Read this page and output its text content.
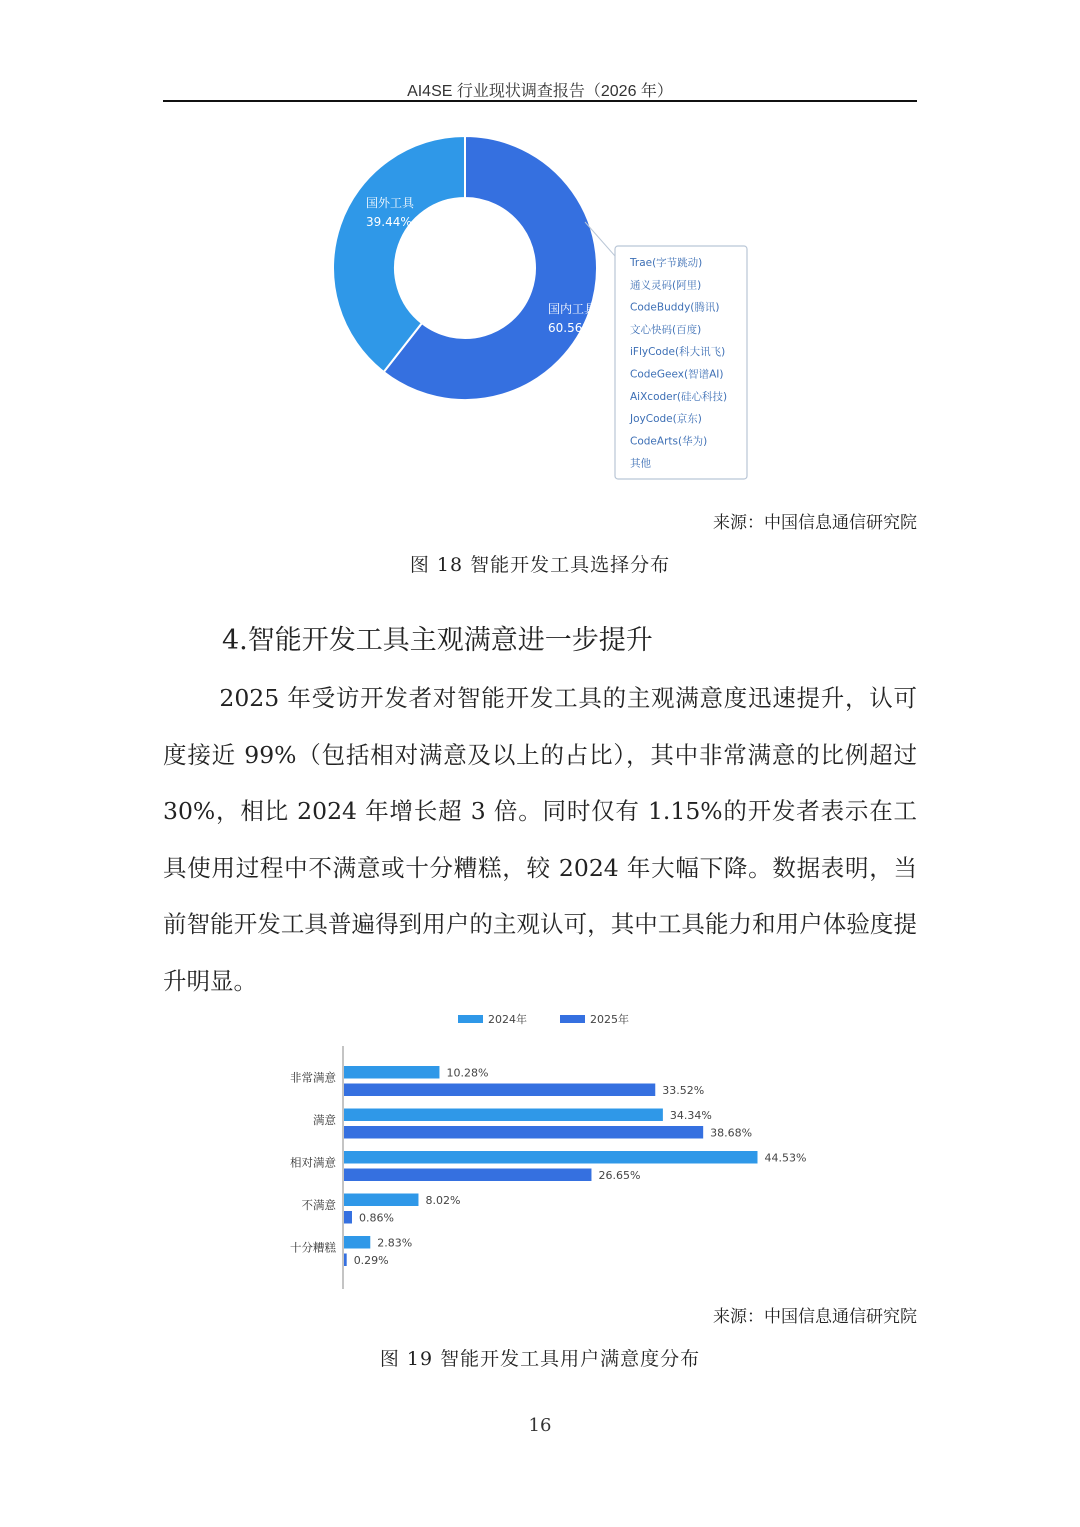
AI4SE 行业现状调查报告（2026 年）
国内工具
60.56%
国外工具
39.44%
Trae(字节跳动)
通义灵码(阿里)
CodeBuddy(腾讯)
文心快码(百度)
iFlyCode(科大讯飞)
CodeGeex(智谱AI)
AiXcoder(硅心科技)
JoyCode(京东)
CodeArts(华为)
其他
来源：中国信息通信研究院
图 18 智能开发工具选择分布
4.智能开发工具主观满意进一步提升
2025 年受访开发者对智能开发工具的主观满意度迅速提升，认可度接近 99%（包括相对满意及以上的占比），其中非常满意的比例超过 30%，相比 2024 年增长超 3 倍。同时仅有 1.15%的开发者表示在工具使用过程中不满意或十分糟糕，较 2024 年大幅下降。数据表明，当前智能开发工具普遍得到用户的主观认可，其中工具能力和用户体验度提升明显。
2024年	2025年
非常满意	10.28%
33.52%
满意	34.34%
38.68%
相对满意	44.53%
26.65%
不满意	8.02%
0.86%
十分糟糕	2.83%
0.29%
来源：中国信息通信研究院
图 19 智能开发工具用户满意度分布
16
